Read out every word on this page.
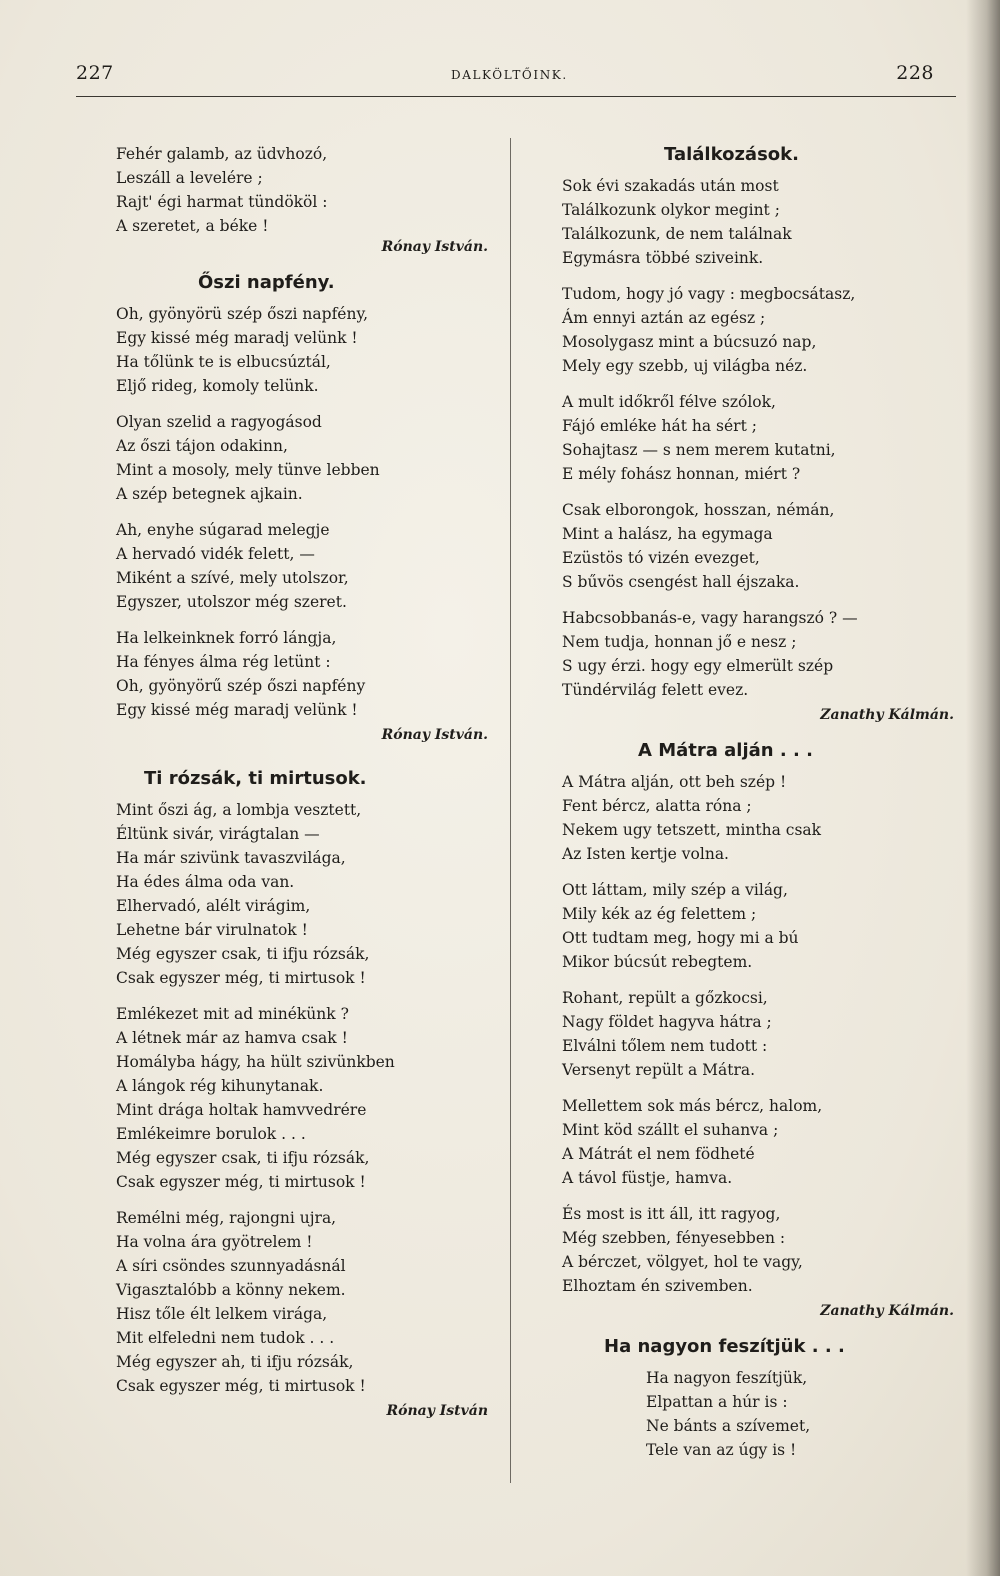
227	DALKÖLTŐINK.	228
Fehér galamb, az üdvhozó,
Leszáll a levelére ;
Rajt' égi harmat tündököl :
A szeretet, a béke !
Rónay István.
Őszi napfény.
Oh, gyönyörü szép őszi napfény,
Egy kissé még maradj velünk !
Ha tőlünk te is elbucsúztál,
Eljő rideg, komoly telünk.
Olyan szelid a ragyogásod
Az őszi tájon odakinn,
Mint a mosoly, mely tünve lebben
A szép betegnek ajkain.
Ah, enyhe súgarad melegje
A hervadó vidék felett, —
Miként a szívé, mely utolszor,
Egyszer, utolszor még szeret.
Ha lelkeinknek forró lángja,
Ha fényes álma rég letünt :
Oh, gyönyörű szép őszi napfény
Egy kissé még maradj velünk !
Rónay István.
Ti rózsák, ti mirtusok.
Mint őszi ág, a lombja vesztett,
Éltünk sivár, virágtalan —
Ha már szivünk tavaszvilága,
Ha édes álma oda van.
Elhervadó, alélt virágim,
Lehetne bár virulnatok !
Még egyszer csak, ti ifju rózsák,
Csak egyszer még, ti mirtusok !
Emlékezet mit ad minékünk ?
A létnek már az hamva csak !
Homályba hágy, ha hült szivünkben
A lángok rég kihunytanak.
Mint drága holtak hamvvedrére
Emlékeimre borulok . . .
Még egyszer csak, ti ifju rózsák,
Csak egyszer még, ti mirtusok !
Remélni még, rajongni ujra,
Ha volna ára gyötrelem !
A síri csöndes szunnyadásnál
Vigasztalóbb a könny nekem.
Hisz tőle élt lelkem virága,
Mit elfeledni nem tudok . . .
Még egyszer ah, ti ifju rózsák,
Csak egyszer még, ti mirtusok !
Rónay István
Találkozások.
Sok évi szakadás után most
Találkozunk olykor megint ;
Találkozunk, de nem találnak
Egymásra többé sziveink.
Tudom, hogy jó vagy : megbocsátasz,
Ám ennyi aztán az egész ;
Mosolygasz mint a búcsuzó nap,
Mely egy szebb, uj világba néz.
A mult időkről félve szólok,
Fájó emléke hát ha sért ;
Sohajtasz — s nem merem kutatni,
E mély fohász honnan, miért ?
Csak elborongok, hosszan, némán,
Mint a halász, ha egymaga
Ezüstös tó vizén evezget,
S bűvös csengést hall éjszaka.
Habcsobbanás-e, vagy harangszó ? —
Nem tudja, honnan jő e nesz ;
S ugy érzi. hogy egy elmerült szép
Tündérvilág felett evez.
Zanathy Kálmán.
A Mátra alján . . .
A Mátra alján, ott beh szép !
Fent bércz, alatta róna ;
Nekem ugy tetszett, mintha csak
Az Isten kertje volna.
Ott láttam, mily szép a világ,
Mily kék az ég felettem ;
Ott tudtam meg, hogy mi a bú
Mikor búcsút rebegtem.
Rohant, repült a gőzkocsi,
Nagy földet hagyva hátra ;
Elválni tőlem nem tudott :
Versenyt repült a Mátra.
Mellettem sok más bércz, halom,
Mint köd szállt el suhanva ;
A Mátrát el nem födheté
A távol füstje, hamva.
És most is itt áll, itt ragyog,
Még szebben, fényesebben :
A bérczet, völgyet, hol te vagy,
Elhoztam én szivemben.
Zanathy Kálmán.
Ha nagyon feszítjük . . .
Ha nagyon feszítjük,
Elpattan a húr is :
Ne bánts a szívemet,
Tele van az úgy is !
